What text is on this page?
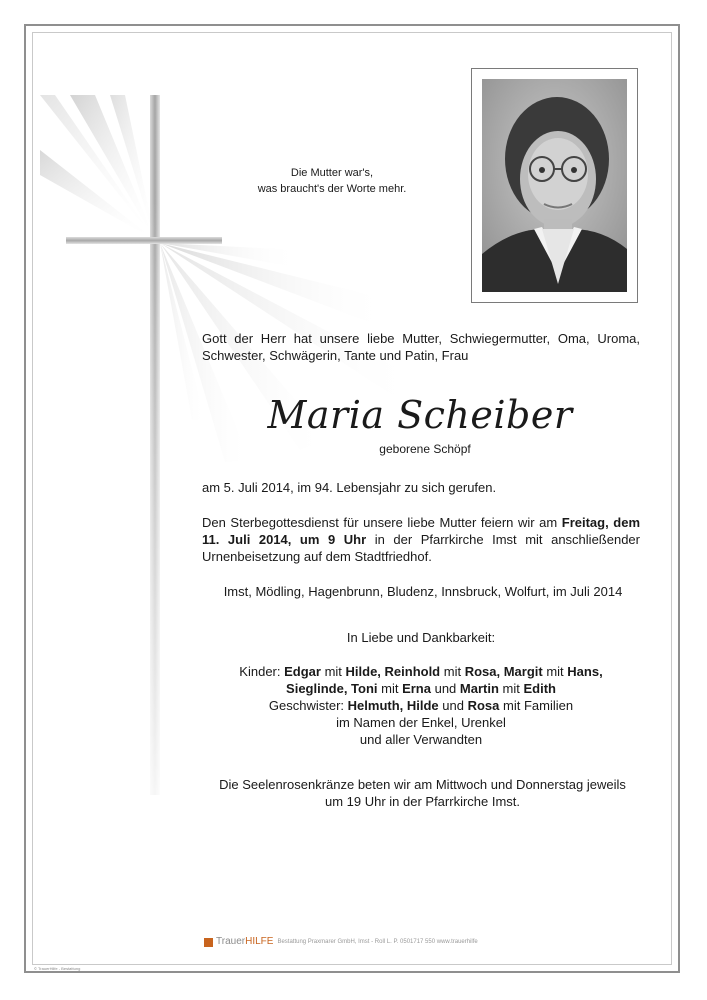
Die Mutter war's,
was braucht's der Worte mehr.
Gott der Herr hat unsere liebe Mutter, Schwiegermutter, Oma, Uroma, Schwester, Schwägerin, Tante und Patin, Frau
Maria Scheiber
geborene Schöpf
am 5. Juli 2014, im 94. Lebensjahr zu sich gerufen.
Den Sterbegottesdienst für unsere liebe Mutter feiern wir am Freitag, dem 11. Juli 2014, um 9 Uhr in der Pfarrkirche Imst mit anschließender Urnenbeisetzung auf dem Stadtfriedhof.
Imst, Mödling, Hagenbrunn, Bludenz, Innsbruck, Wolfurt, im Juli 2014
In Liebe und Dankbarkeit:
Kinder: Edgar mit Hilde, Reinhold mit Rosa, Margit mit Hans,
Sieglinde, Toni mit Erna und Martin mit Edith
Geschwister: Helmuth, Hilde und Rosa mit Familien
im Namen der Enkel, Urenkel
und aller Verwandten
Die Seelenrosenkränze beten wir am Mittwoch und Donnerstag jeweils um 19 Uhr in der Pfarrkirche Imst.
TrauerHILFE Bestattung Praxmarer GmbH, Imst - Roll L. P. 0501717 550 www.trauerhilfe
© TrauerHilfe - Bestattung
